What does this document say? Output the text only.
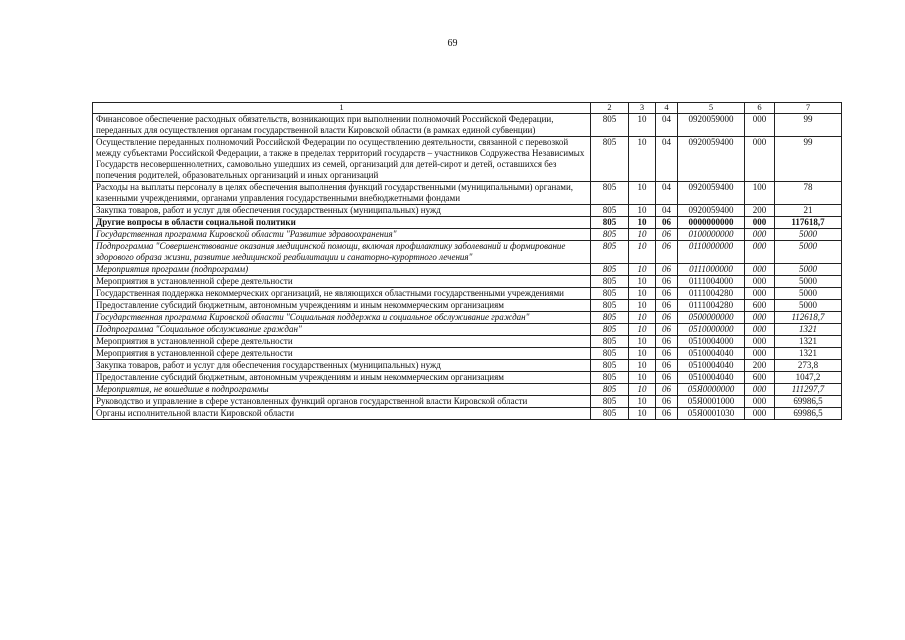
69
1	2	3	4	5	6	7
Финансовое обеспечение расходных обязательств, возникающих при выполнении полномочий Российской Федерации, переданных для осуществления органам государственной власти Кировской области (в рамках единой субвенции)	805	10	04	0920059000	000	99
Осуществление переданных полномочий Российской Федерации по осуществлению деятельности, связанной с перевозкой между субъектами Российской Федерации, а также в пределах территорий государств – участников Содружества Независимых Государств несовершеннолетних, самовольно ушедших из семей, организаций для детей-сирот и детей, оставшихся без попечения родителей, образовательных организаций и иных организаций	805	10	04	0920059400	000	99
Расходы на выплаты персоналу в целях обеспечения выполнения функций государственными (муниципальными) органами, казенными учреждениями, органами управления государственными внебюджетными фондами	805	10	04	0920059400	100	78
Закупка товаров, работ и услуг для обеспечения государственных (муниципальных) нужд	805	10	04	0920059400	200	21
Другие вопросы в области социальной политики	805	10	06	0000000000	000	117618,7
Государственная программа Кировской области "Развитие здравоохранения"	805	10	06	0100000000	000	5000
Подпрограмма "Совершенствование оказания медицинской помощи, включая профилактику заболеваний и формирование здорового образа жизни, развитие медицинской реабилитации и санаторно-курортного лечения"	805	10	06	0110000000	000	5000
Мероприятия программ (подпрограмм)	805	10	06	0111000000	000	5000
Мероприятия в установленной сфере деятельности	805	10	06	0111004000	000	5000
Государственная поддержка некоммерческих организаций, не являющихся областными государственными учреждениями	805	10	06	0111004280	000	5000
Предоставление субсидий бюджетным, автономным учреждениям и иным некоммерческим организациям	805	10	06	0111004280	600	5000
Государственная программа Кировской области "Социальная поддержка и социальное обслуживание граждан"	805	10	06	0500000000	000	112618,7
Подпрограмма "Социальное обслуживание граждан"	805	10	06	0510000000	000	1321
Мероприятия в установленной сфере деятельности	805	10	06	0510004000	000	1321
Мероприятия в установленной сфере деятельности	805	10	06	0510004040	000	1321
Закупка товаров, работ и услуг для обеспечения государственных (муниципальных) нужд	805	10	06	0510004040	200	273,8
Предоставление субсидий бюджетным, автономным учреждениям и иным некоммерческим организациям	805	10	06	0510004040	600	1047,2
Мероприятия, не вошедшие в подпрограммы	805	10	06	05Я0000000	000	111297,7
Руководство и управление в сфере установленных функций органов государственной власти Кировской области	805	10	06	05Я0001000	000	69986,5
Органы исполнительной власти Кировской области	805	10	06	05Я0001030	000	69986,5
